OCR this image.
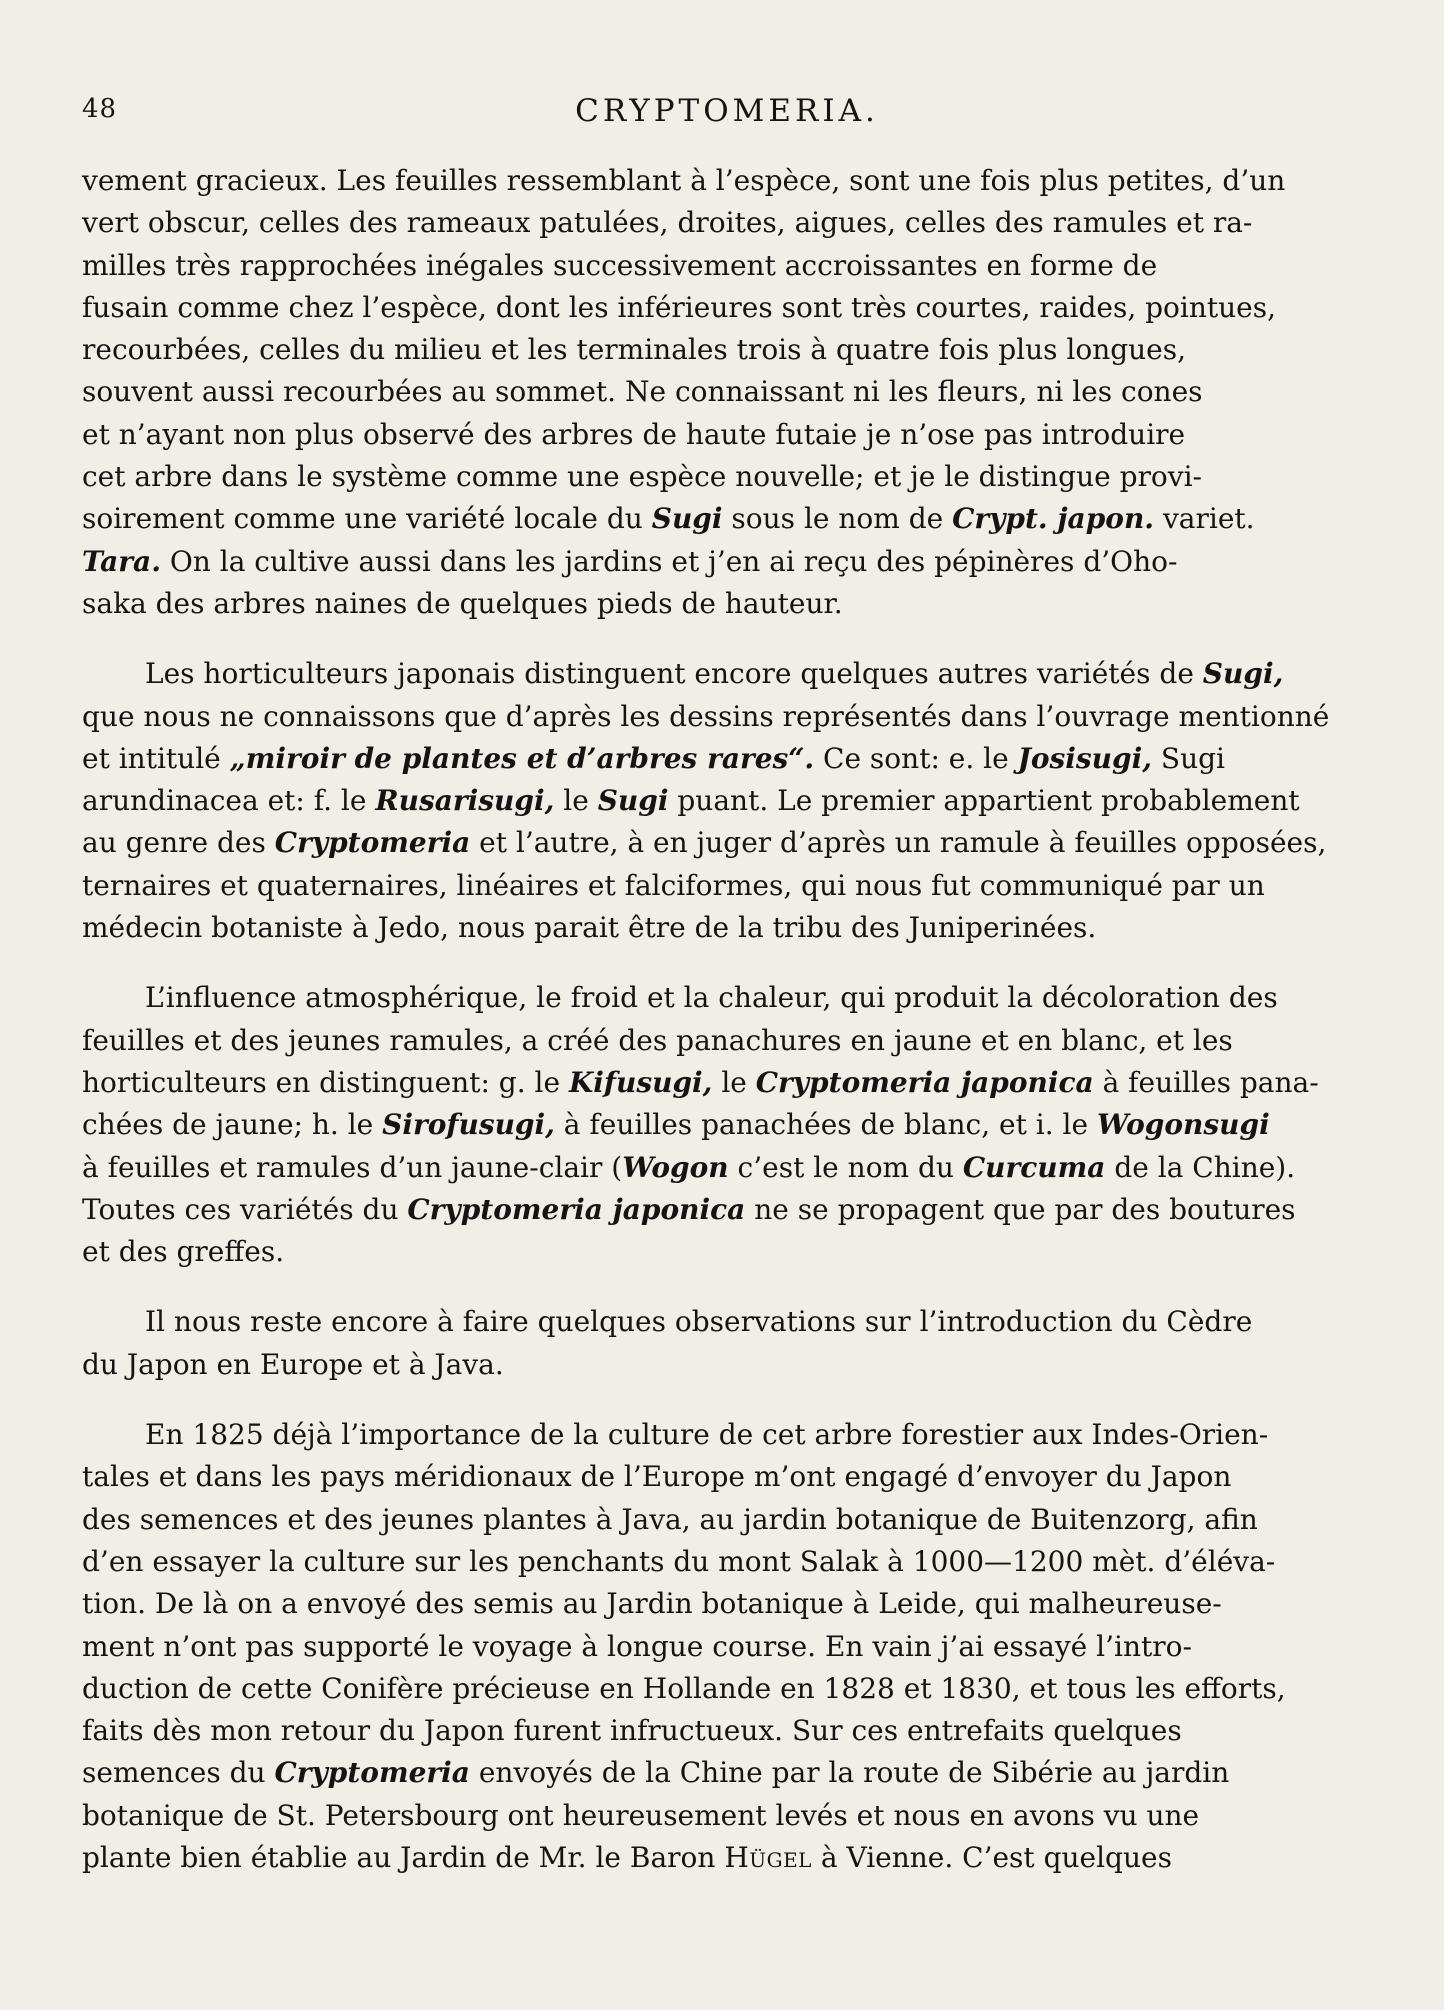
48	CRYPTOMERIA.

vement gracieux. Les feuilles ressemblant à l’espèce, sont une fois plus petites, d’un
vert obscur, celles des rameaux patulées, droites, aigues, celles des ramules et ra-
milles très rapprochées inégales successivement accroissantes en forme de
fusain comme chez l’espèce, dont les inférieures sont très courtes, raides, pointues,
recourbées, celles du milieu et les terminales trois à quatre fois plus longues,
souvent aussi recourbées au sommet. Ne connaissant ni les fleurs, ni les cones
et n’ayant non plus observé des arbres de haute futaie je n’ose pas introduire
cet arbre dans le système comme une espèce nouvelle; et je le distingue provi-
soirement comme une variété locale du Sugi sous le nom de Crypt. japon. variet.
Tara. On la cultive aussi dans les jardins et j’en ai reçu des pépinères d’Oho-
saka des arbres naines de quelques pieds de hauteur.

Les horticulteurs japonais distinguent encore quelques autres variétés de Sugi,
que nous ne connaissons que d’après les dessins représentés dans l’ouvrage mentionné
et intitulé „miroir de plantes et d’arbres rares“. Ce sont: e. le Josisugi, Sugi
arundinacea et: f. le Rusarisugi, le Sugi puant. Le premier appartient probablement
au genre des Cryptomeria et l’autre, à en juger d’après un ramule à feuilles opposées,
ternaires et quaternaires, linéaires et falciformes, qui nous fut communiqué par un
médecin botaniste à Jedo, nous parait être de la tribu des Juniperinées.

L’influence atmosphérique, le froid et la chaleur, qui produit la décoloration des
feuilles et des jeunes ramules, a créé des panachures en jaune et en blanc, et les
horticulteurs en distinguent: g. le Kifusugi, le Cryptomeria japonica à feuilles pana-
chées de jaune; h. le Sirofusugi, à feuilles panachées de blanc, et i. le Wogonsugi
à feuilles et ramules d’un jaune-clair (Wogon c’est le nom du Curcuma de la Chine).
Toutes ces variétés du Cryptomeria japonica ne se propagent que par des boutures
et des greffes.

Il nous reste encore à faire quelques observations sur l’introduction du Cèdre
du Japon en Europe et à Java.

En 1825 déjà l’importance de la culture de cet arbre forestier aux Indes-Orien-
tales et dans les pays méridionaux de l’Europe m’ont engagé d’envoyer du Japon
des semences et des jeunes plantes à Java, au jardin botanique de Buitenzorg, afin
d’en essayer la culture sur les penchants du mont Salak à 1000—1200 mèt. d’éléva-
tion. De là on a envoyé des semis au Jardin botanique à Leide, qui malheureuse-
ment n’ont pas supporté le voyage à longue course. En vain j’ai essayé l’intro-
duction de cette Conifère précieuse en Hollande en 1828 et 1830, et tous les efforts,
faits dès mon retour du Japon furent infructueux. Sur ces entrefaits quelques
semences du Cryptomeria envoyés de la Chine par la route de Sibérie au jardin
botanique de St. Petersbourg ont heureusement levés et nous en avons vu une
plante bien établie au Jardin de Mr. le Baron Hügel à Vienne. C’est quelques
